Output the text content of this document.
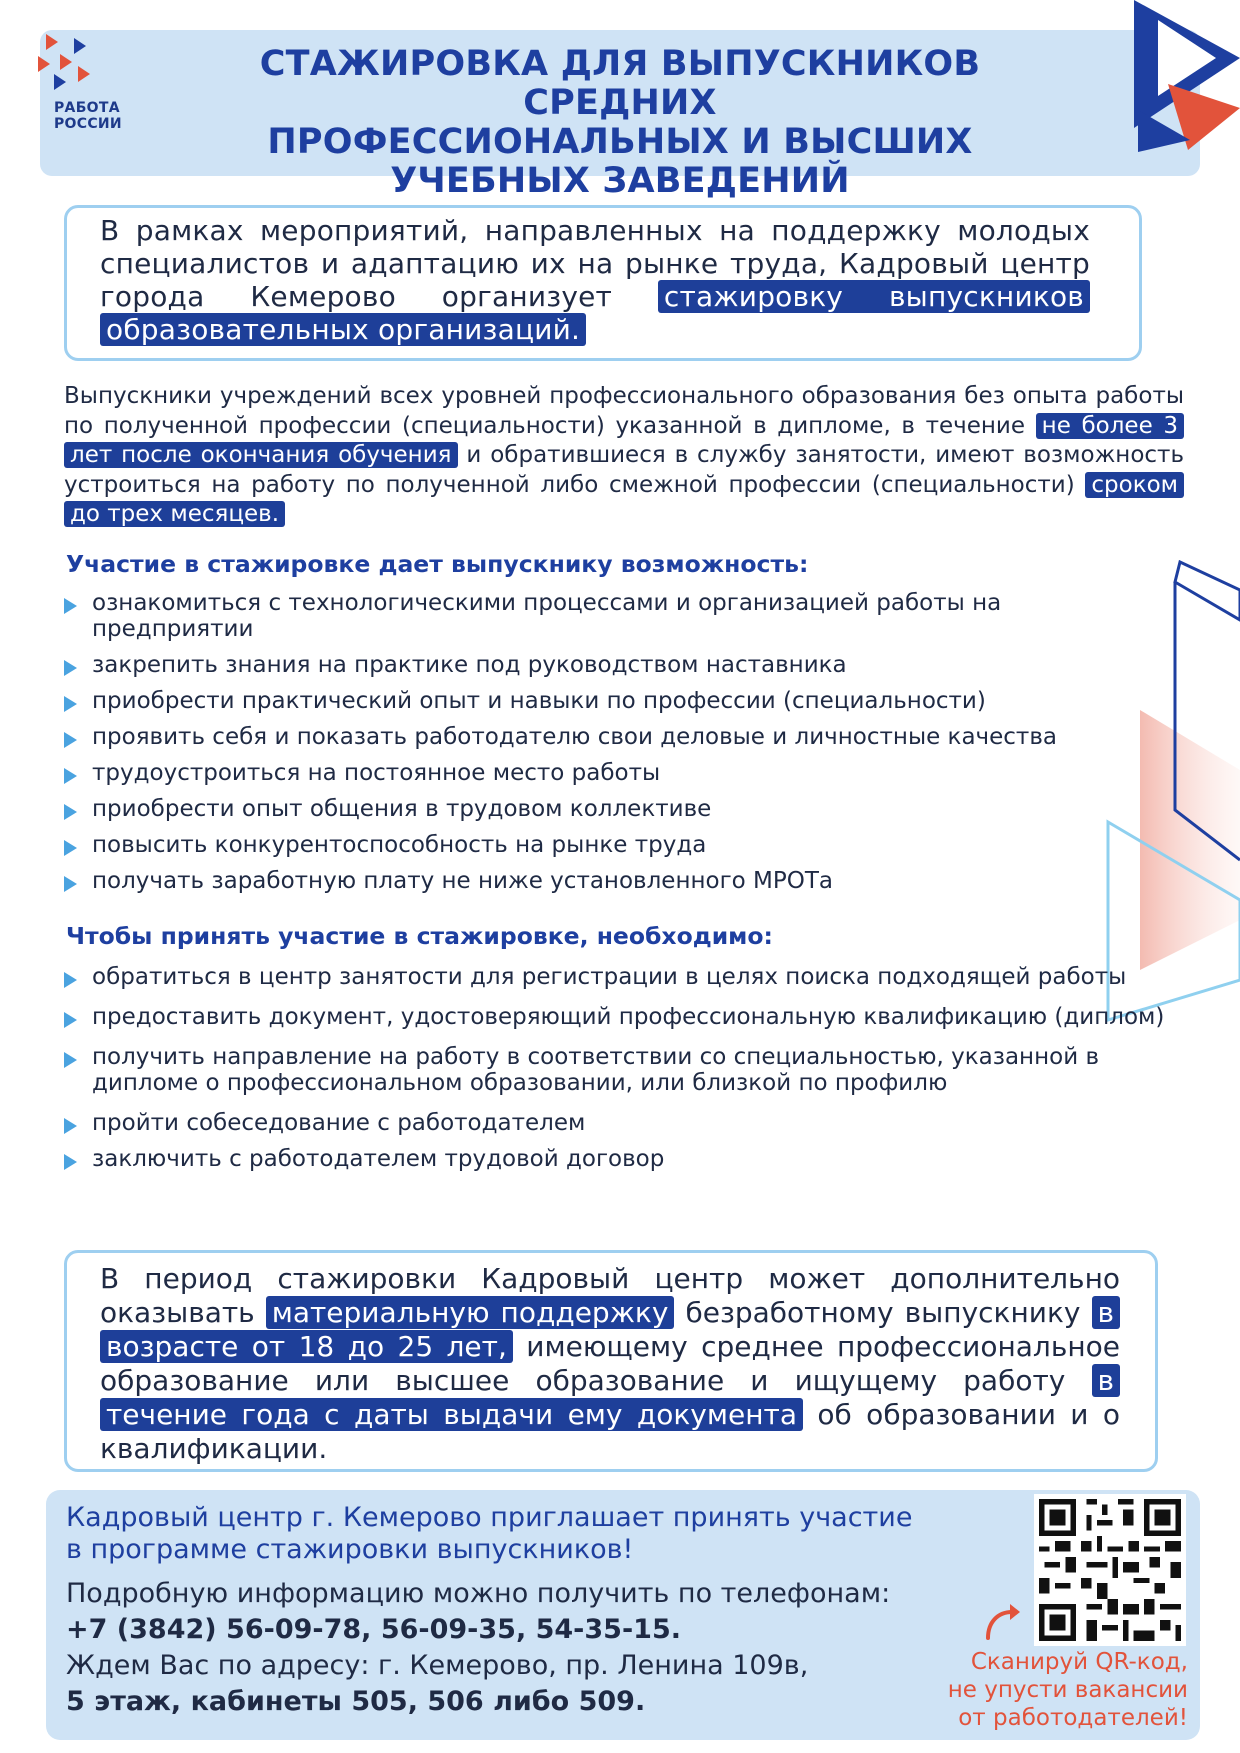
РАБОТА
РОССИИ
СТАЖИРОВКА ДЛЯ ВЫПУСКНИКОВ СРЕДНИХ
ПРОФЕССИОНАЛЬНЫХ И ВЫСШИХ
УЧЕБНЫХ ЗАВЕДЕНИЙ
В рамках мероприятий, направленных на поддержку молодых специалистов и адаптацию их на рынке труда, Кадровый центр города Кемерово организует стажировку выпускников образовательных организаций.
Выпускники учреждений всех уровней профессионального образования без опыта работы по полученной профессии (специальности) указанной в дипломе, в течение не более 3 лет после окончания обучения и обратившиеся в службу занятости, имеют возможность устроиться на работу по полученной либо смежной профессии (специальности) сроком до трех месяцев.
Участие в стажировке дает выпускнику возможность:
ознакомиться с технологическими процессами и организацией работы на предприятии
закрепить знания на практике под руководством наставника
приобрести практический опыт и навыки по профессии (специальности)
проявить себя и показать работодателю свои деловые и личностные качества
трудоустроиться на постоянное место работы
приобрести опыт общения в трудовом коллективе
повысить конкурентоспособность на рынке труда
получать заработную плату не ниже установленного МРОТа
Чтобы принять участие в стажировке, необходимо:
обратиться в центр занятости для регистрации в целях поиска подходящей работы
предоставить документ, удостоверяющий профессиональную квалификацию (диплом)
получить направление на работу в соответствии со специальностью, указанной в дипломе о профессиональном образовании, или близкой по профилю
пройти собеседование с работодателем
заключить с работодателем трудовой договор
В период стажировки Кадровый центр может дополнительно оказывать материальную поддержку безработному выпускнику в возрасте от 18 до 25 лет, имеющему среднее профессиональное образование или высшее образование и ищущему работу в течение года с даты выдачи ему документа об образовании и о квалификации.
Кадровый центр г. Кемерово приглашает принять участие
в программе стажировки выпускников!
Подробную информацию можно получить по телефонам:
+7 (3842) 56-09-78, 56-09-35, 54-35-15.
Ждем Вас по адресу: г. Кемерово, пр. Ленина 109в,
5 этаж, кабинеты 505, 506 либо 509.
Сканируй QR-код,
не упусти вакансии
от работодателей!
